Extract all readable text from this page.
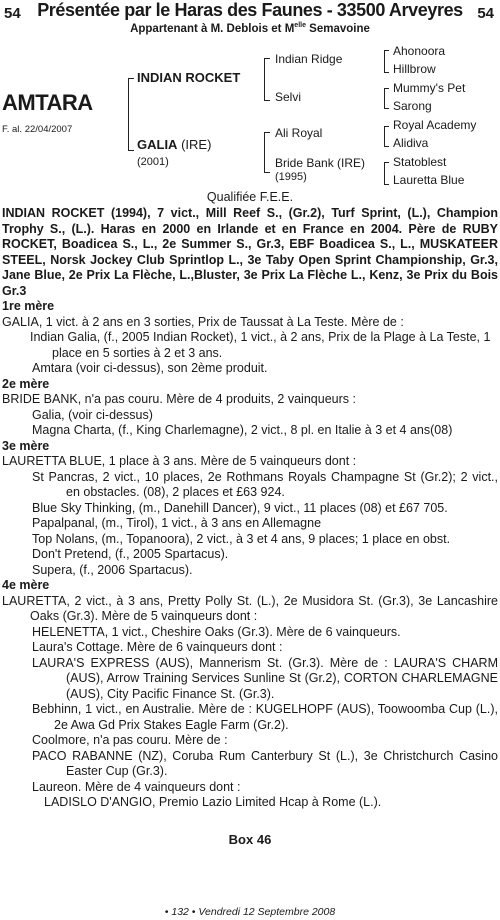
54	54
Présentée par le Haras des Faunes - 33500 Arveyres
Appartenant à M. Deblois et $M^{elle}$ Semavoine
AMTARA
F. al. 22/04/2007
INDIAN ROCKET
GALIA (IRE)
(2001)
Indian Ridge
Selvi
Ali Royal
Bride Bank (IRE)
(1995)
Ahonoora
Hillbrow
Mummy's Pet
Sarong
Royal Academy
Alidiva
Statoblest
Lauretta Blue
Qualifiée F.E.E.

INDIAN ROCKET (1994), 7 vict., Mill Reef S., (Gr.2), Turf Sprint, (L.), Champion Trophy S., (L.). Haras en 2000 en Irlande et en France en 2004. Père de RUBY ROCKET, Boadicea S., L., 2e Summer S., Gr.3, EBF Boadicea S., L., MUSKATEER STEEL, Norsk Jockey Club Sprintlop L., 3e Taby Open Sprint Championship, Gr.3, Jane Blue, 2e Prix La Flèche, L.,Bluster, 3e Prix La Flèche L., Kenz, 3e Prix du Bois Gr.3

1re mère

GALIA, 1 vict. à 2 ans en 3 sorties, Prix de Taussat à La Teste. Mère de :

Indian Galia, (f., 2005 Indian Rocket), 1 vict., à 2 ans, Prix de la Plage à La Teste, 1 place en 5 sorties à 2 et 3 ans.

Amtara (voir ci-dessus), son 2ème produit.

2e mère

BRIDE BANK, n'a pas couru. Mère de 4 produits, 2 vainqueurs :

Galia, (voir ci-dessus)

Magna Charta, (f., King Charlemagne), 2 vict., 8 pl. en Italie à 3 et 4 ans(08)

3e mère

LAURETTA BLUE, 1 place à 3 ans. Mère de 5 vainqueurs dont :

St Pancras, 2 vict., 10 places, 2e Rothmans Royals Champagne St (Gr.2); 2 vict., en obstacles. (08), 2 places et £63 924.

Blue Sky Thinking, (m., Danehill Dancer), 9 vict., 11 places (08) et £67 705.

Papalpanal, (m., Tirol), 1 vict., à 3 ans en Allemagne

Top Nolans, (m., Topanoora), 2 vict., à 3 et 4 ans, 9 places; 1 place en obst.

Don't Pretend, (f., 2005 Spartacus).

Supera, (f., 2006 Spartacus).

4e mère

LAURETTA, 2 vict., à 3 ans, Pretty Polly St. (L.), 2e Musidora St. (Gr.3), 3e Lancashire Oaks (Gr.3). Mère de 5 vainqueurs dont :

HELENETTA, 1 vict., Cheshire Oaks (Gr.3). Mère de 6 vainqueurs.

Laura's Cottage. Mère de 6 vainqueurs dont :

LAURA'S EXPRESS (AUS), Mannerism St. (Gr.3). Mère de : LAURA'S CHARM (AUS), Arrow Training Services Sunline St (Gr.2), CORTON CHARLEMAGNE (AUS), City Pacific Finance St. (Gr.3).

Bebhinn, 1 vict., en Australie. Mère de : KUGELHOPF (AUS), Toowoomba Cup (L.), 2e Awa Gd Prix Stakes Eagle Farm (Gr.2).

Coolmore, n'a pas couru. Mère de :

PACO RABANNE (NZ), Coruba Rum Canterbury St (L.), 3e Christchurch Casino Easter Cup (Gr.3).

Laureon. Mère de 4 vainqueurs dont :

LADISLO D'ANGIO, Premio Lazio Limited Hcap à Rome (L.).

Box 46
• 132 • Vendredi 12 Septembre 2008
